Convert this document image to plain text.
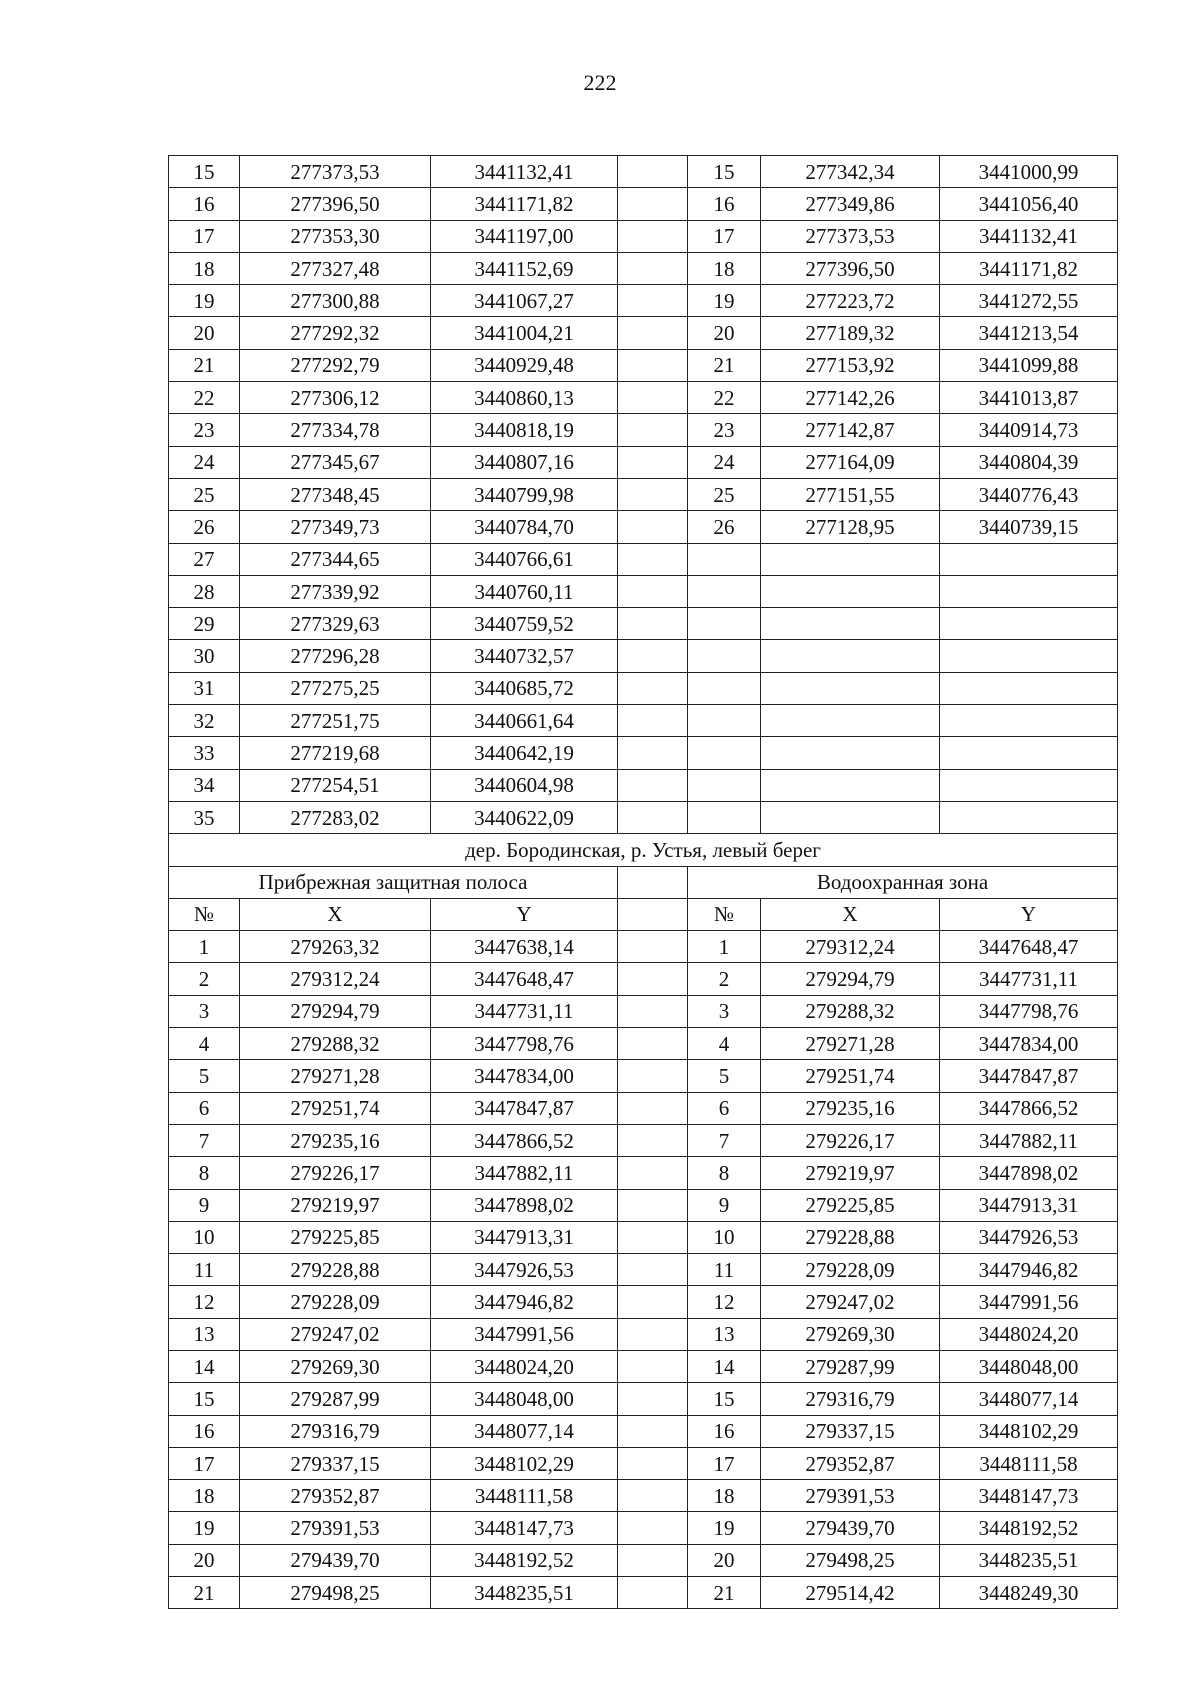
222
15	277373,53	3441132,41		15	277342,34	3441000,99
16	277396,50	3441171,82		16	277349,86	3441056,40
17	277353,30	3441197,00		17	277373,53	3441132,41
18	277327,48	3441152,69		18	277396,50	3441171,82
19	277300,88	3441067,27		19	277223,72	3441272,55
20	277292,32	3441004,21		20	277189,32	3441213,54
21	277292,79	3440929,48		21	277153,92	3441099,88
22	277306,12	3440860,13		22	277142,26	3441013,87
23	277334,78	3440818,19		23	277142,87	3440914,73
24	277345,67	3440807,16		24	277164,09	3440804,39
25	277348,45	3440799,98		25	277151,55	3440776,43
26	277349,73	3440784,70		26	277128,95	3440739,15
27	277344,65	3440766,61				
28	277339,92	3440760,11				
29	277329,63	3440759,52				
30	277296,28	3440732,57				
31	277275,25	3440685,72				
32	277251,75	3440661,64				
33	277219,68	3440642,19				
34	277254,51	3440604,98				
35	277283,02	3440622,09				
дер. Бородинская, р. Устья, левый берег						
Прибрежная защитная полоса				Водоохранная зона		
№	X	Y		№	X	Y
1	279263,32	3447638,14		1	279312,24	3447648,47
2	279312,24	3447648,47		2	279294,79	3447731,11
3	279294,79	3447731,11		3	279288,32	3447798,76
4	279288,32	3447798,76		4	279271,28	3447834,00
5	279271,28	3447834,00		5	279251,74	3447847,87
6	279251,74	3447847,87		6	279235,16	3447866,52
7	279235,16	3447866,52		7	279226,17	3447882,11
8	279226,17	3447882,11		8	279219,97	3447898,02
9	279219,97	3447898,02		9	279225,85	3447913,31
10	279225,85	3447913,31		10	279228,88	3447926,53
11	279228,88	3447926,53		11	279228,09	3447946,82
12	279228,09	3447946,82		12	279247,02	3447991,56
13	279247,02	3447991,56		13	279269,30	3448024,20
14	279269,30	3448024,20		14	279287,99	3448048,00
15	279287,99	3448048,00		15	279316,79	3448077,14
16	279316,79	3448077,14		16	279337,15	3448102,29
17	279337,15	3448102,29		17	279352,87	3448111,58
18	279352,87	3448111,58		18	279391,53	3448147,73
19	279391,53	3448147,73		19	279439,70	3448192,52
20	279439,70	3448192,52		20	279498,25	3448235,51
21	279498,25	3448235,51		21	279514,42	3448249,30
